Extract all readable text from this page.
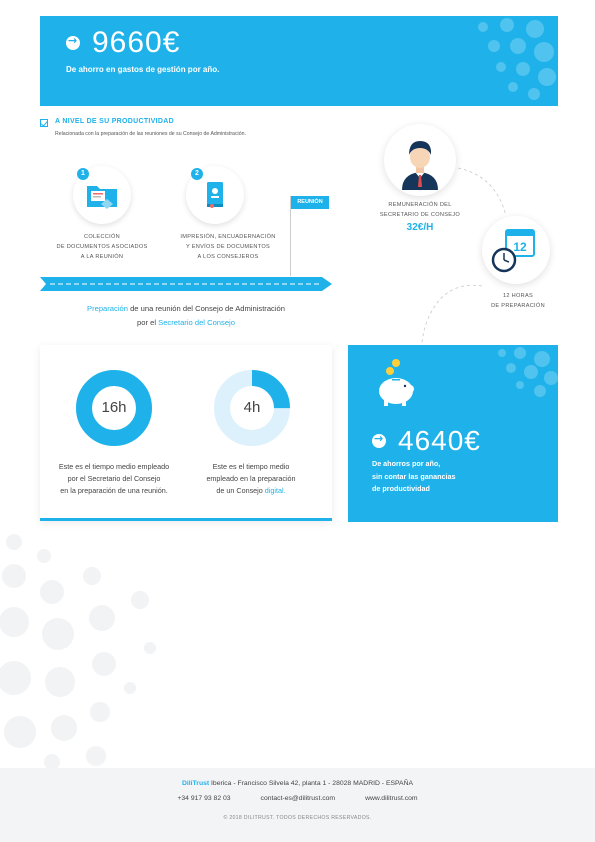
→
9660€
De ahorro en gastos de gestión por año.
A NIVEL DE SU PRODUCTIVIDAD
Relacionada con la preparación de las reuniones de su Consejo de Administración.
1
COLECCIÓN
DE DOCUMENTOS ASOCIADOS
A LA REUNIÓN
2
IMPRESIÓN, ENCUADERNACIÓN
Y ENVÍOS DE DOCUMENTOS
A LOS CONSEJEROS
REUNIÓN
Preparación de una reunión del Consejo de Administración
por el Secretario del Consejo
REMUNERACIÓN DEL
SECRETARIO DE CONSEJO
32€/H
12
12 HORAS
DE PREPARACIÓN
16h	4h
Este es el tiempo medio empleado
por el Secretario del Consejo
en la preparación de una reunión.
Este es el tiempo medio
empleado en la preparación
de un Consejo digital.
→
4640€
De ahorros por año,
sin contar las ganancias
de productividad
DiliTrust Iberica - Francisco Silvela 42, planta 1 - 28028 MADRID - ESPAÑA
+34 917 93 82 03	contact-es@dilitrust.com	www.dilitrust.com
© 2018 DILITRUST. TODOS DERECHOS RESERVADOS.
